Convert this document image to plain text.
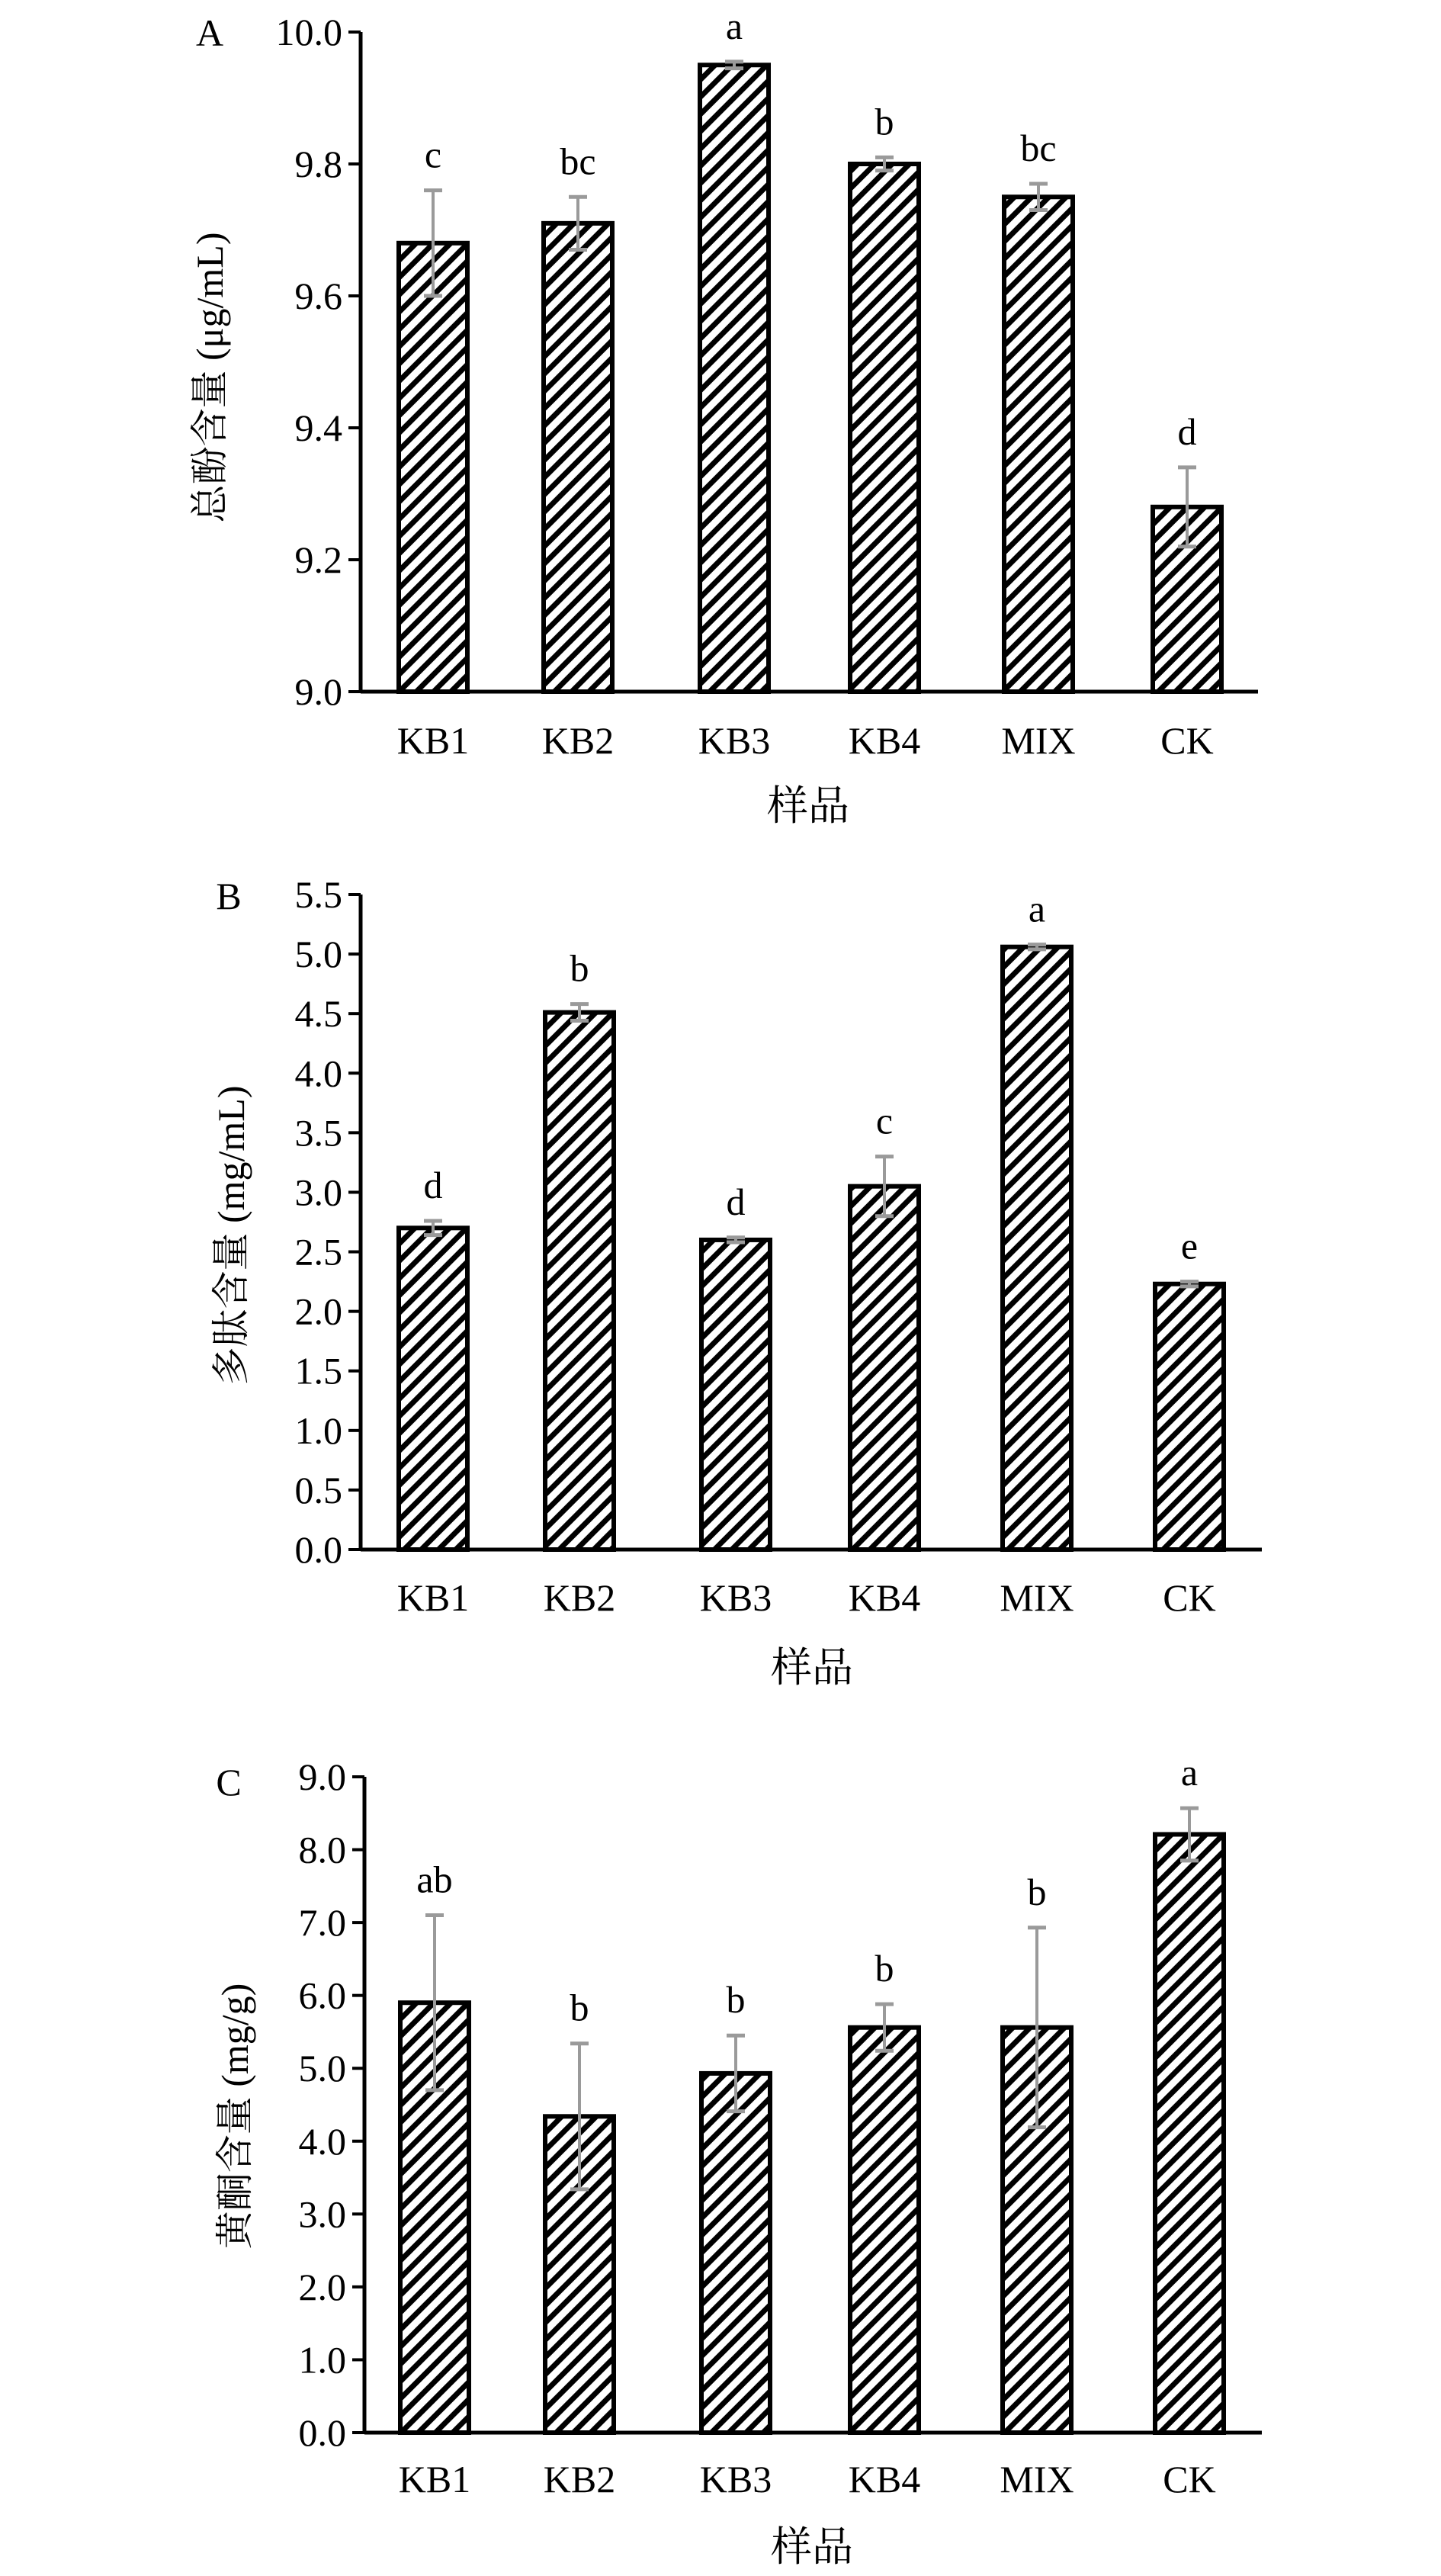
A
总酚含量 (μg/mL)
样品
9.0
9.2
9.4
9.6
9.8
10.0
c	bc
a
b
bc
d
KB1 KB2 KB3 KB4 MIX CK
B
多肽含量 (mg/mL)
样品
0.0
0.5
1.0
1.5
2.0
2.5
3.0
3.5
4.0
4.5
5.0
5.5
d
b
d
c
a
e
KB1 KB2 KB3 KB4 MIX CK
C
黄酮含量 (mg/g)
样品
0.0
1.0
2.0
3.0
4.0
5.0
6.0
7.0
8.0
9.0
ab
b	b
b
b
a
KB1 KB2 KB3 KB4 MIX CK
